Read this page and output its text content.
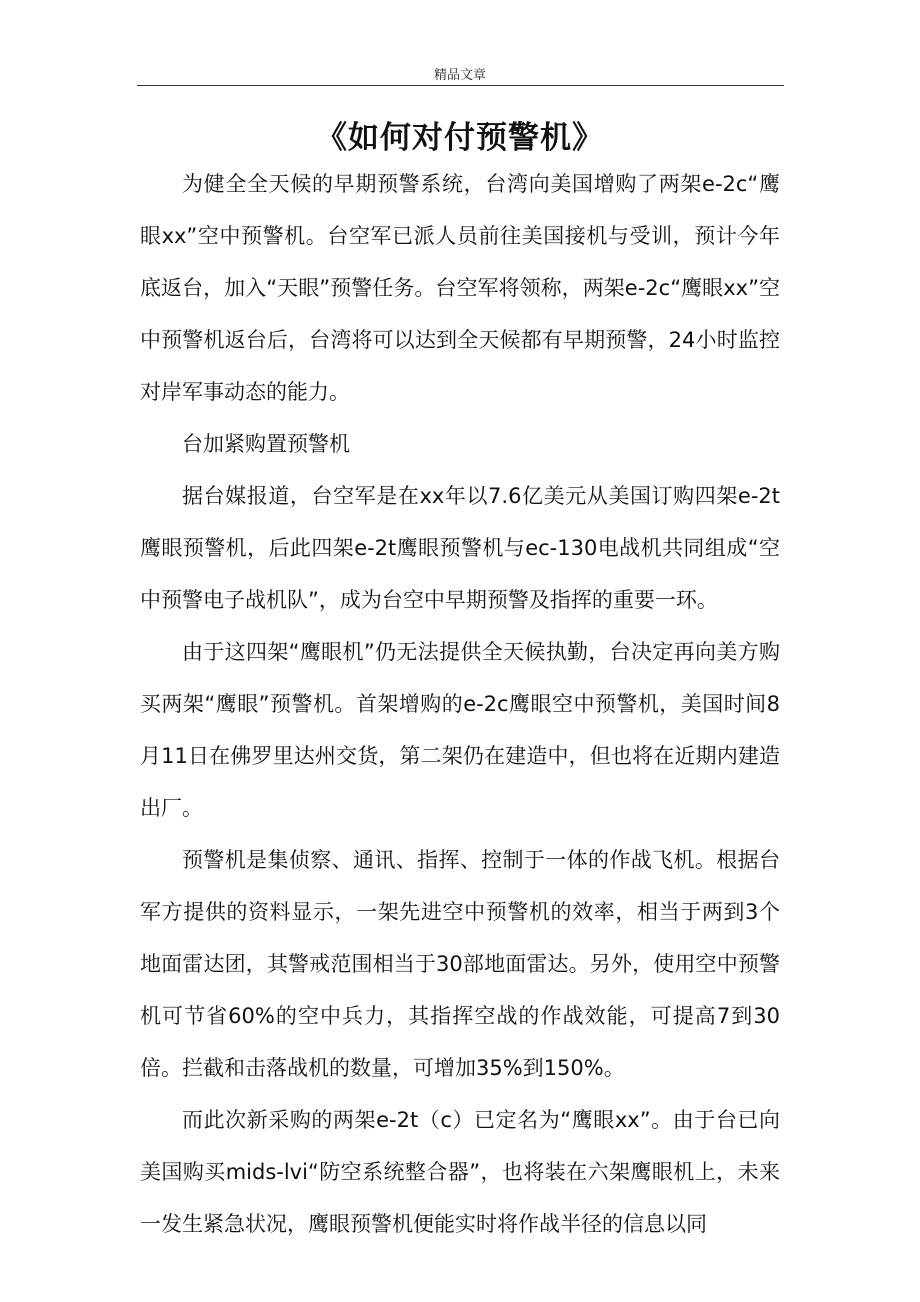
精品文章
《如何对付预警机》

为健全全天候的早期预警系统，台湾向美国增购了两架e-2c“鹰眼xx”空中预警机。台空军已派人员前往美国接机与受训，预计今年底返台，加入“天眼”预警任务。台空军将领称，两架e-2c“鹰眼xx”空中预警机返台后，台湾将可以达到全天候都有早期预警，24小时监控对岸军事动态的能力。

台加紧购置预警机

据台媒报道，台空军是在xx年以7.6亿美元从美国订购四架e-2t鹰眼预警机，后此四架e-2t鹰眼预警机与ec-130电战机共同组成“空中预警电子战机队”，成为台空中早期预警及指挥的重要一环。

由于这四架“鹰眼机”仍无法提供全天候执勤，台决定再向美方购买两架“鹰眼”预警机。首架增购的e-2c鹰眼空中预警机，美国时间8月11日在佛罗里达州交货，第二架仍在建造中，但也将在近期内建造出厂。

预警机是集侦察、通讯、指挥、控制于一体的作战飞机。根据台军方提供的资料显示，一架先进空中预警机的效率，相当于两到3个地面雷达团，其警戒范围相当于30部地面雷达。另外，使用空中预警机可节省60%的空中兵力，其指挥空战的作战效能，可提高7到30倍。拦截和击落战机的数量，可增加35%到150%。

而此次新采购的两架e-2t（c）已定名为“鹰眼xx”。由于台已向美国购买mids-lvi“防空系统整合器”，也将装在六架鹰眼机上，未来一发生紧急状况，鹰眼预警机便能实时将作战半径的信息以同
